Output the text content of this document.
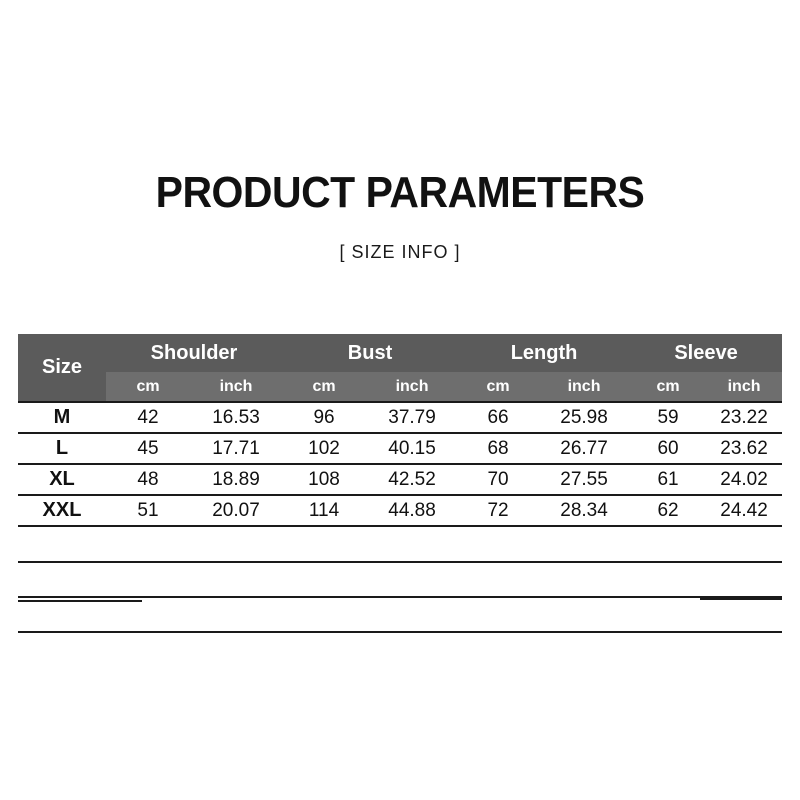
PRODUCT PARAMETERS
[ SIZE INFO ]
Size	Shoulder		Bust		Length		Sleeve	
	cm	inch	cm	inch	cm	inch	cm	inch
M	42	16.53	96	37.79	66	25.98	59	23.22
L	45	17.71	102	40.15	68	26.77	60	23.62
XL	48	18.89	108	42.52	70	27.55	61	24.02
XXL	51	20.07	114	44.88	72	28.34	62	24.42
